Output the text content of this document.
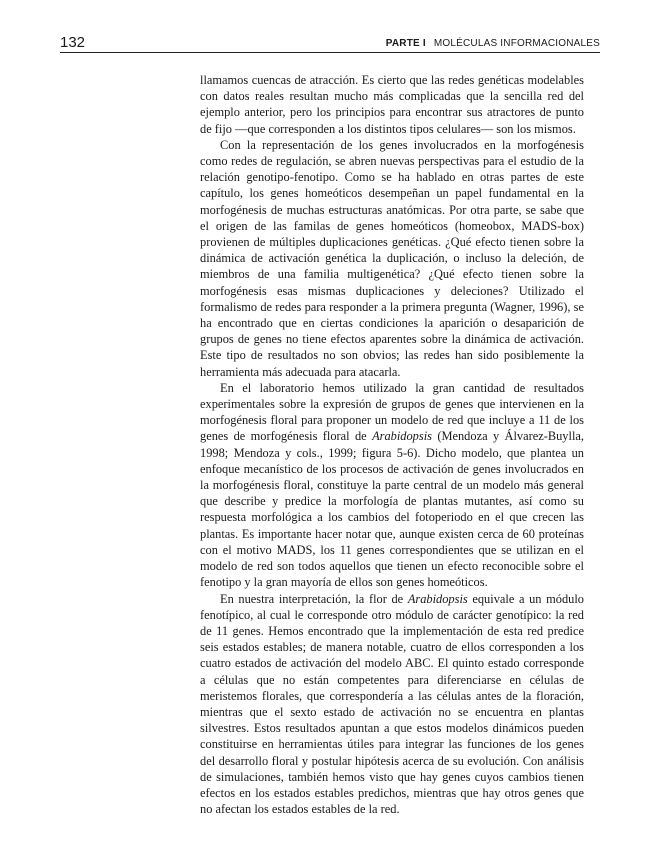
132	PARTE I MOLÉCULAS INFORMACIONALES

llamamos cuencas de atracción. Es cierto que las redes genéticas modelables con datos reales resultan mucho más complicadas que la sencilla red del ejemplo anterior, pero los principios para encontrar sus atractores de punto de fijo —que corresponden a los distintos tipos celulares— son los mismos.

Con la representación de los genes involucrados en la morfogénesis como redes de regulación, se abren nuevas perspectivas para el estudio de la relación genotipo-fenotipo. Como se ha hablado en otras partes de este capítulo, los genes homeóticos desempeñan un papel fundamental en la morfogénesis de muchas estructuras anatómicas. Por otra parte, se sabe que el origen de las familas de genes homeóticos (homeobox, MADS-box) provienen de múltiples duplicaciones genéticas. ¿Qué efecto tienen sobre la dinámica de activación genética la duplicación, o incluso la deleción, de miembros de una familia multigenética? ¿Qué efecto tienen sobre la morfogénesis esas mismas duplicaciones y deleciones? Utilizado el formalismo de redes para responder a la primera pregunta (Wagner, 1996), se ha encontrado que en ciertas condiciones la aparición o desaparición de grupos de genes no tiene efectos aparentes sobre la dinámica de activación. Este tipo de resultados no son obvios; las redes han sido posiblemente la herramienta más adecuada para atacarla.

En el laboratorio hemos utilizado la gran cantidad de resultados experimentales sobre la expresión de grupos de genes que intervienen en la morfogénesis floral para proponer un modelo de red que incluye a 11 de los genes de morfogénesis floral de Arabidopsis (Mendoza y Álvarez-Buylla, 1998; Mendoza y cols., 1999; figura 5-6). Dicho modelo, que plantea un enfoque mecanístico de los procesos de activación de genes involucrados en la morfogénesis floral, constituye la parte central de un modelo más general que describe y predice la morfología de plantas mutantes, así como su respuesta morfológica a los cambios del fotoperiodo en el que crecen las plantas. Es importante hacer notar que, aunque existen cerca de 60 proteínas con el motivo MADS, los 11 genes correspondientes que se utilizan en el modelo de red son todos aquellos que tienen un efecto reconocible sobre el fenotipo y la gran mayoría de ellos son genes homeóticos.

En nuestra interpretación, la flor de Arabidopsis equivale a un módulo fenotípico, al cual le corresponde otro módulo de carácter genotípico: la red de 11 genes. Hemos encontrado que la implementación de esta red predice seis estados estables; de manera notable, cuatro de ellos corresponden a los cuatro estados de activación del modelo ABC. El quinto estado corresponde a células que no están competentes para diferenciarse en células de meristemos florales, que correspondería a las células antes de la floración, mientras que el sexto estado de activación no se encuentra en plantas silvestres. Estos resultados apuntan a que estos modelos dinámicos pueden constituirse en herramientas útiles para integrar las funciones de los genes del desarrollo floral y postular hipótesis acerca de su evolución. Con análisis de simulaciones, también hemos visto que hay genes cuyos cambios tienen efectos en los estados estables predichos, mientras que hay otros genes que no afectan los estados estables de la red.
